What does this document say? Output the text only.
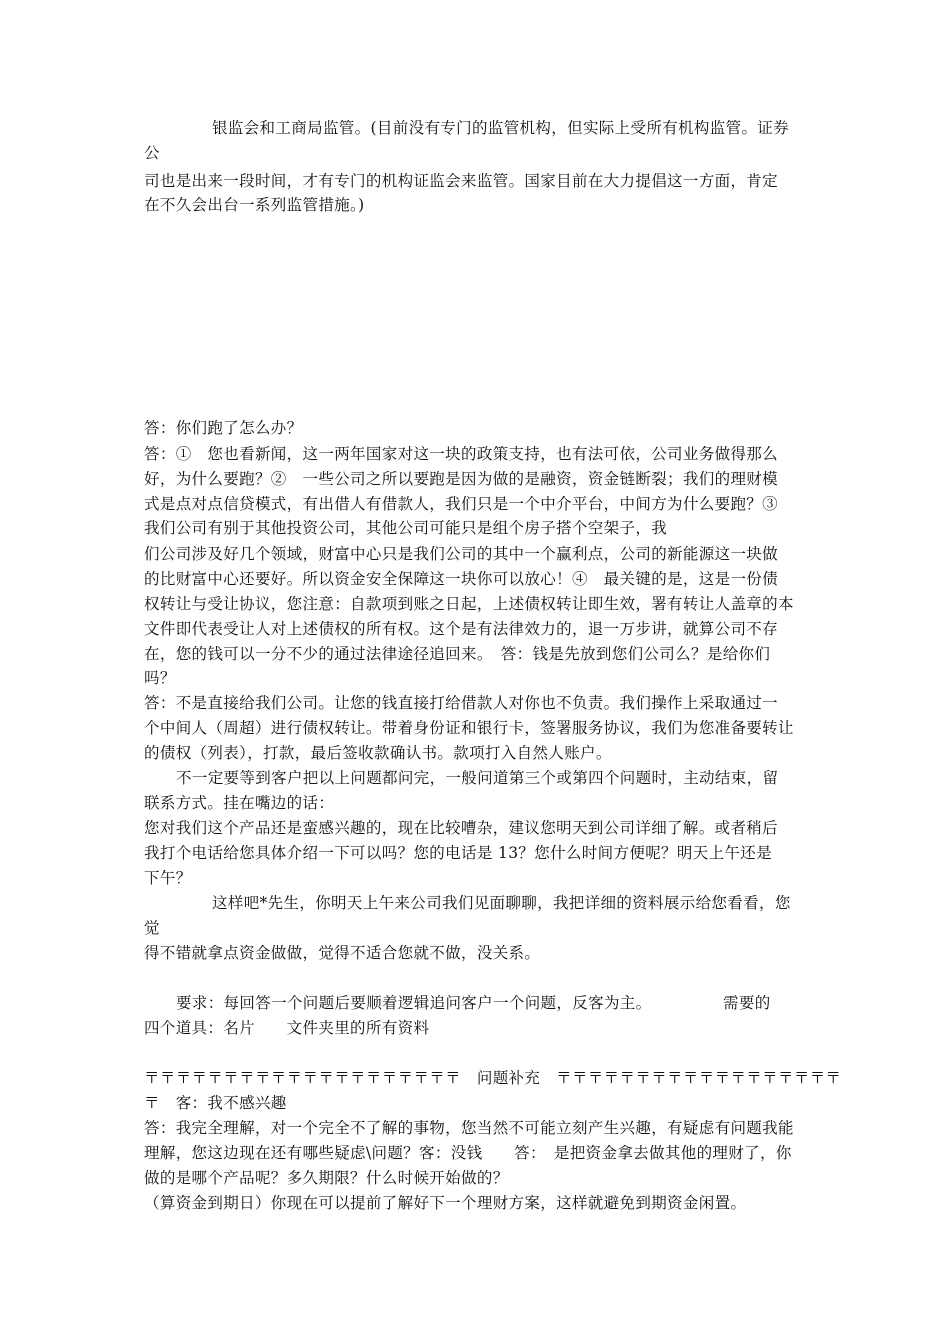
银监会和工商局监管。(目前没有专门的监管机构，但实际上受所有机构监管。证券
公
司也是出来一段时间，才有专门的机构证监会来监管。国家目前在大力提倡这一方面，肯定
在不久会出台一系列监管措施。)
答：你们跑了怎么办？
答：①　您也看新闻，这一两年国家对这一块的政策支持，也有法可依，公司业务做得那么
好，为什么要跑？②　一些公司之所以要跑是因为做的是融资，资金链断裂；我们的理财模
式是点对点信贷模式，有出借人有借款人，我们只是一个中介平台，中间方为什么要跑？③
我们公司有别于其他投资公司，其他公司可能只是组个房子搭个空架子，我
们公司涉及好几个领域，财富中心只是我们公司的其中一个赢利点，公司的新能源这一块做
的比财富中心还要好。所以资金安全保障这一块你可以放心！④　最关键的是，这是一份债
权转让与受让协议，您注意：自款项到账之日起，上述债权转让即生效，署有转让人盖章的本
文件即代表受让人对上述债权的所有权。这个是有法律效力的，退一万步讲，就算公司不存
在，您的钱可以一分不少的通过法律途径追回来。　答：钱是先放到您们公司么？是给你们
吗？
答：不是直接给我们公司。让您的钱直接打给借款人对你也不负责。我们操作上采取通过一
个中间人（周超）进行债权转让。带着身份证和银行卡，签署服务协议，我们为您准备要转让
的债权（列表），打款，最后签收款确认书。款项打入自然人账户。
不一定要等到客户把以上问题都问完，一般问道第三个或第四个问题时，主动结束，留
联系方式。挂在嘴边的话：
您对我们这个产品还是蛮感兴趣的，现在比较嘈杂，建议您明天到公司详细了解。或者稍后
我打个电话给您具体介绍一下可以吗？您的电话是 13？您什么时间方便呢？明天上午还是
下午？
这样吧*先生，你明天上午来公司我们见面聊聊，我把详细的资料展示给您看看，您
觉
得不错就拿点资金做做，觉得不适合您就不做，没关系。
要求：每回答一个问题后要顺着逻辑追问客户一个问题，反客为主。　　　　　需要的
四个道具：名片　　文件夹里的所有资料
〒〒〒〒〒〒〒〒〒〒〒〒〒〒〒〒〒〒〒〒　问题补充　〒〒〒〒〒〒〒〒〒〒〒〒〒〒〒〒〒〒
〒　客：我不感兴趣
答：我完全理解，对一个完全不了解的事物，您当然不可能立刻产生兴趣，有疑虑有问题我能
理解，您这边现在还有哪些疑虑\问题？客：没钱　　答：　是把资金拿去做其他的理财了，你
做的是哪个产品呢？多久期限？什么时候开始做的？
（算资金到期日）你现在可以提前了解好下一个理财方案，这样就避免到期资金闲置。
